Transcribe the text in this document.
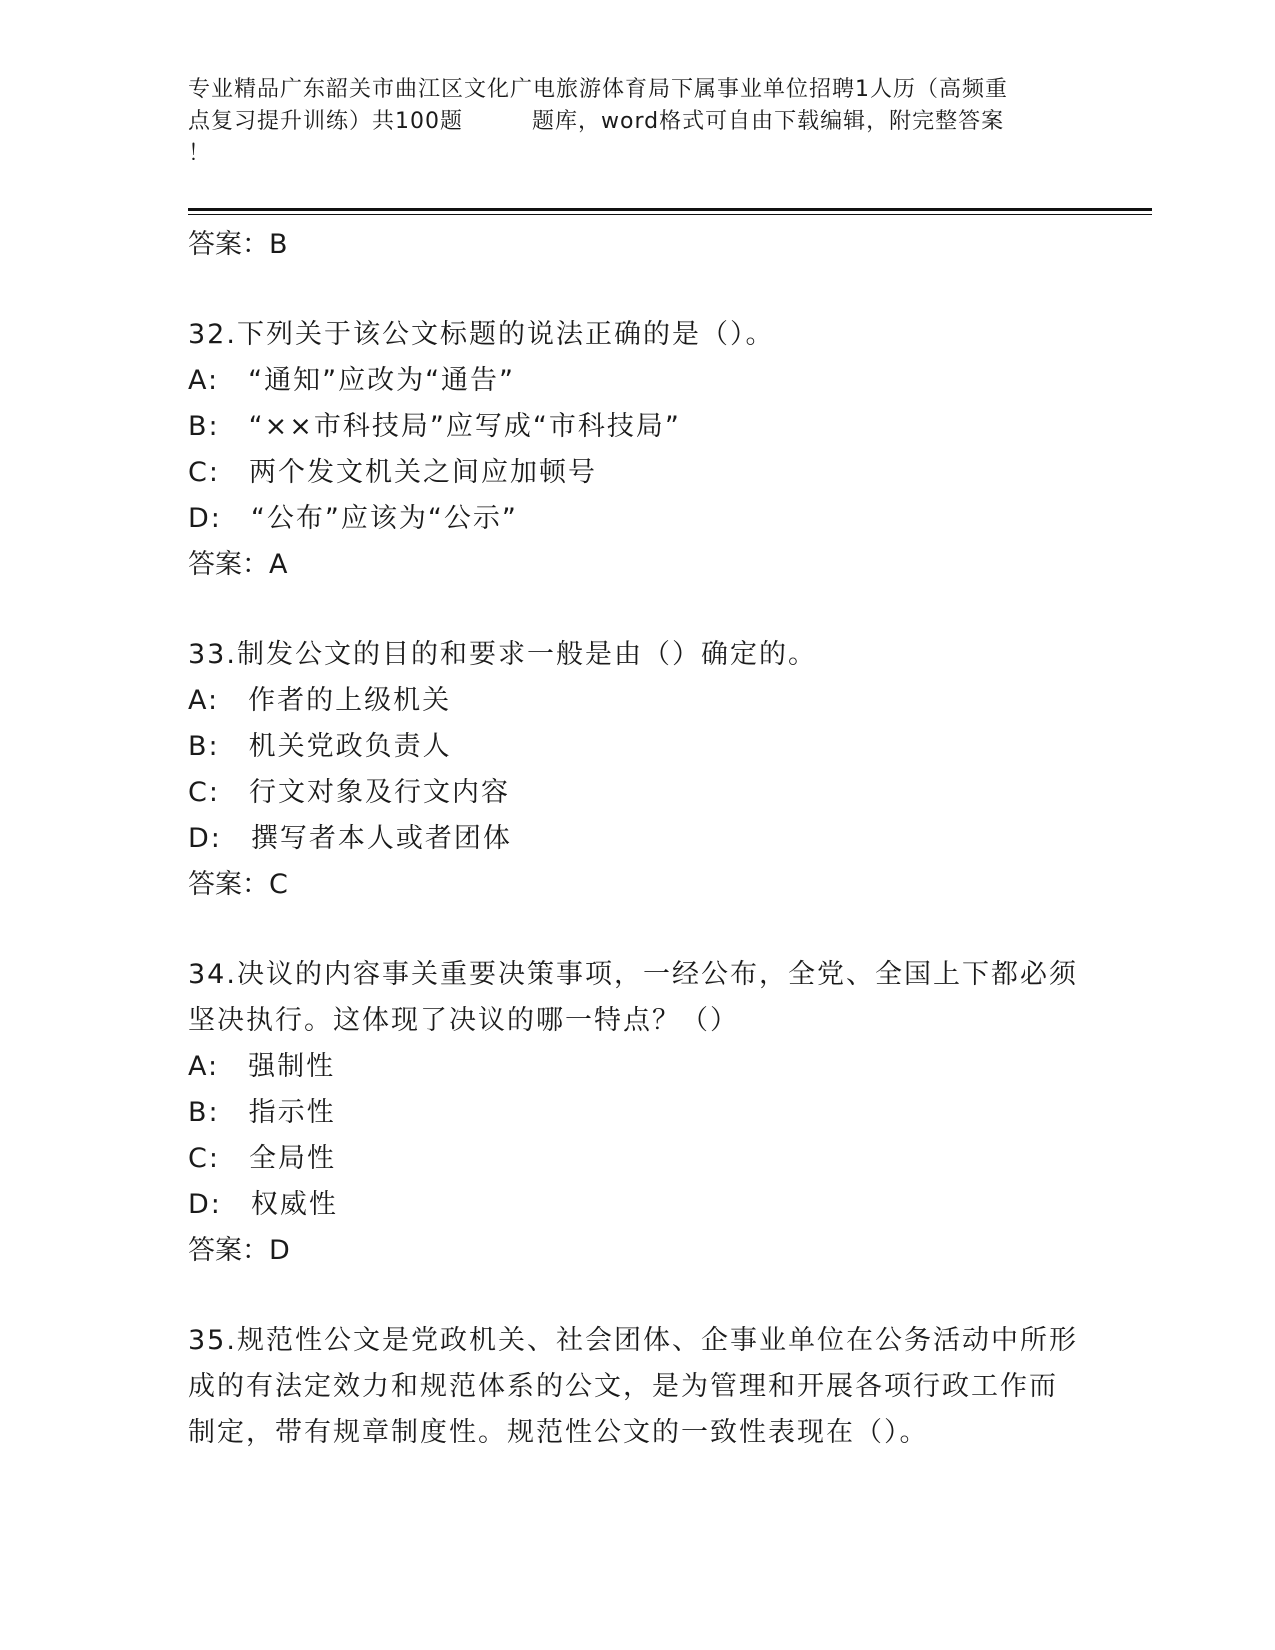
专业精品广东韶关市曲江区文化广电旅游体育局下属事业单位招聘1人历（高频重
点复习提升训练）共100题　　　题库，word格式可自由下载编辑，附完整答案
！
答案：B
32.下列关于该公文标题的说法正确的是（）。
A:　“通知”应改为“通告”
B:　“××市科技局”应写成“市科技局”
C:　两个发文机关之间应加顿号
D:　“公布”应该为“公示”
答案：A
33.制发公文的目的和要求一般是由（）确定的。
A:　作者的上级机关
B:　机关党政负责人
C:　行文对象及行文内容
D:　撰写者本人或者团体
答案：C
34.决议的内容事关重要决策事项，一经公布，全党、全国上下都必须
坚决执行。这体现了决议的哪一特点？（）
A:　强制性
B:　指示性
C:　全局性
D:　权威性
答案：D
35.规范性公文是党政机关、社会团体、企事业单位在公务活动中所形
成的有法定效力和规范体系的公文，是为管理和开展各项行政工作而
制定，带有规章制度性。规范性公文的一致性表现在（）。
